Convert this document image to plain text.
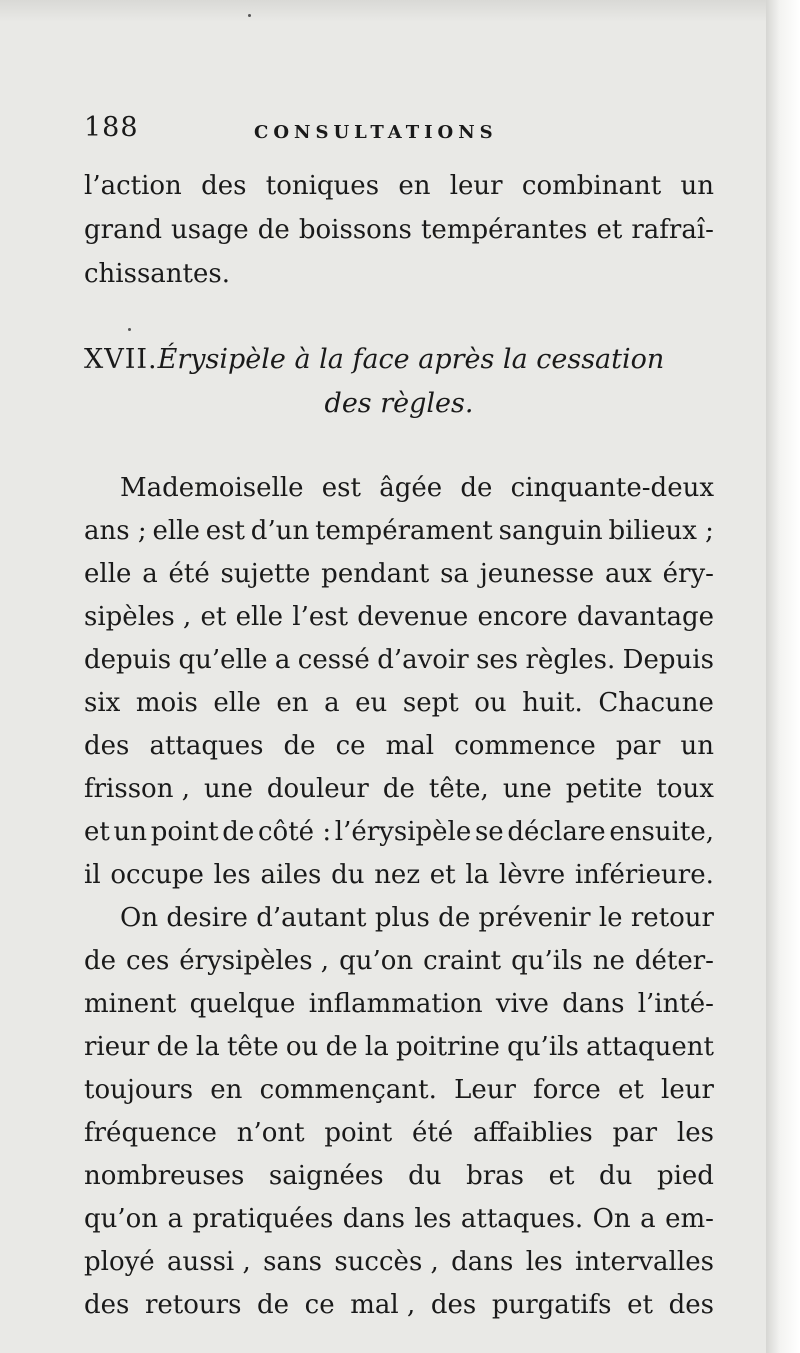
188	CONSULTATIONS
l’action des toniques en leur combinant un
grand usage de boissons tempérantes et rafraî-
chissantes.
XVII.Érysipèle à la face après la cessation
des règles.
Mademoiselle est âgée de cinquante-deux
ans ; elle est d’un tempérament sanguin bilieux ;
elle a été sujette pendant sa jeunesse aux éry-
sipèles , et elle l’est devenue encore davantage
depuis qu’elle a cessé d’avoir ses règles. Depuis
six mois elle en a eu sept ou huit. Chacune
des attaques de ce mal commence par un
frisson , une douleur de tête, une petite toux
et un point de côté : l’érysipèle se déclare ensuite,
il occupe les ailes du nez et la lèvre inférieure.
On desire d’autant plus de prévenir le retour
de ces érysipèles , qu’on craint qu’ils ne déter-
minent quelque inflammation vive dans l’inté-
rieur de la tête ou de la poitrine qu’ils attaquent
toujours en commençant. Leur force et leur
fréquence n’ont point été affaiblies par les
nombreuses saignées du bras et du pied
qu’on a pratiquées dans les attaques. On a em-
ployé aussi , sans succès , dans les intervalles
des retours de ce mal , des purgatifs et des
